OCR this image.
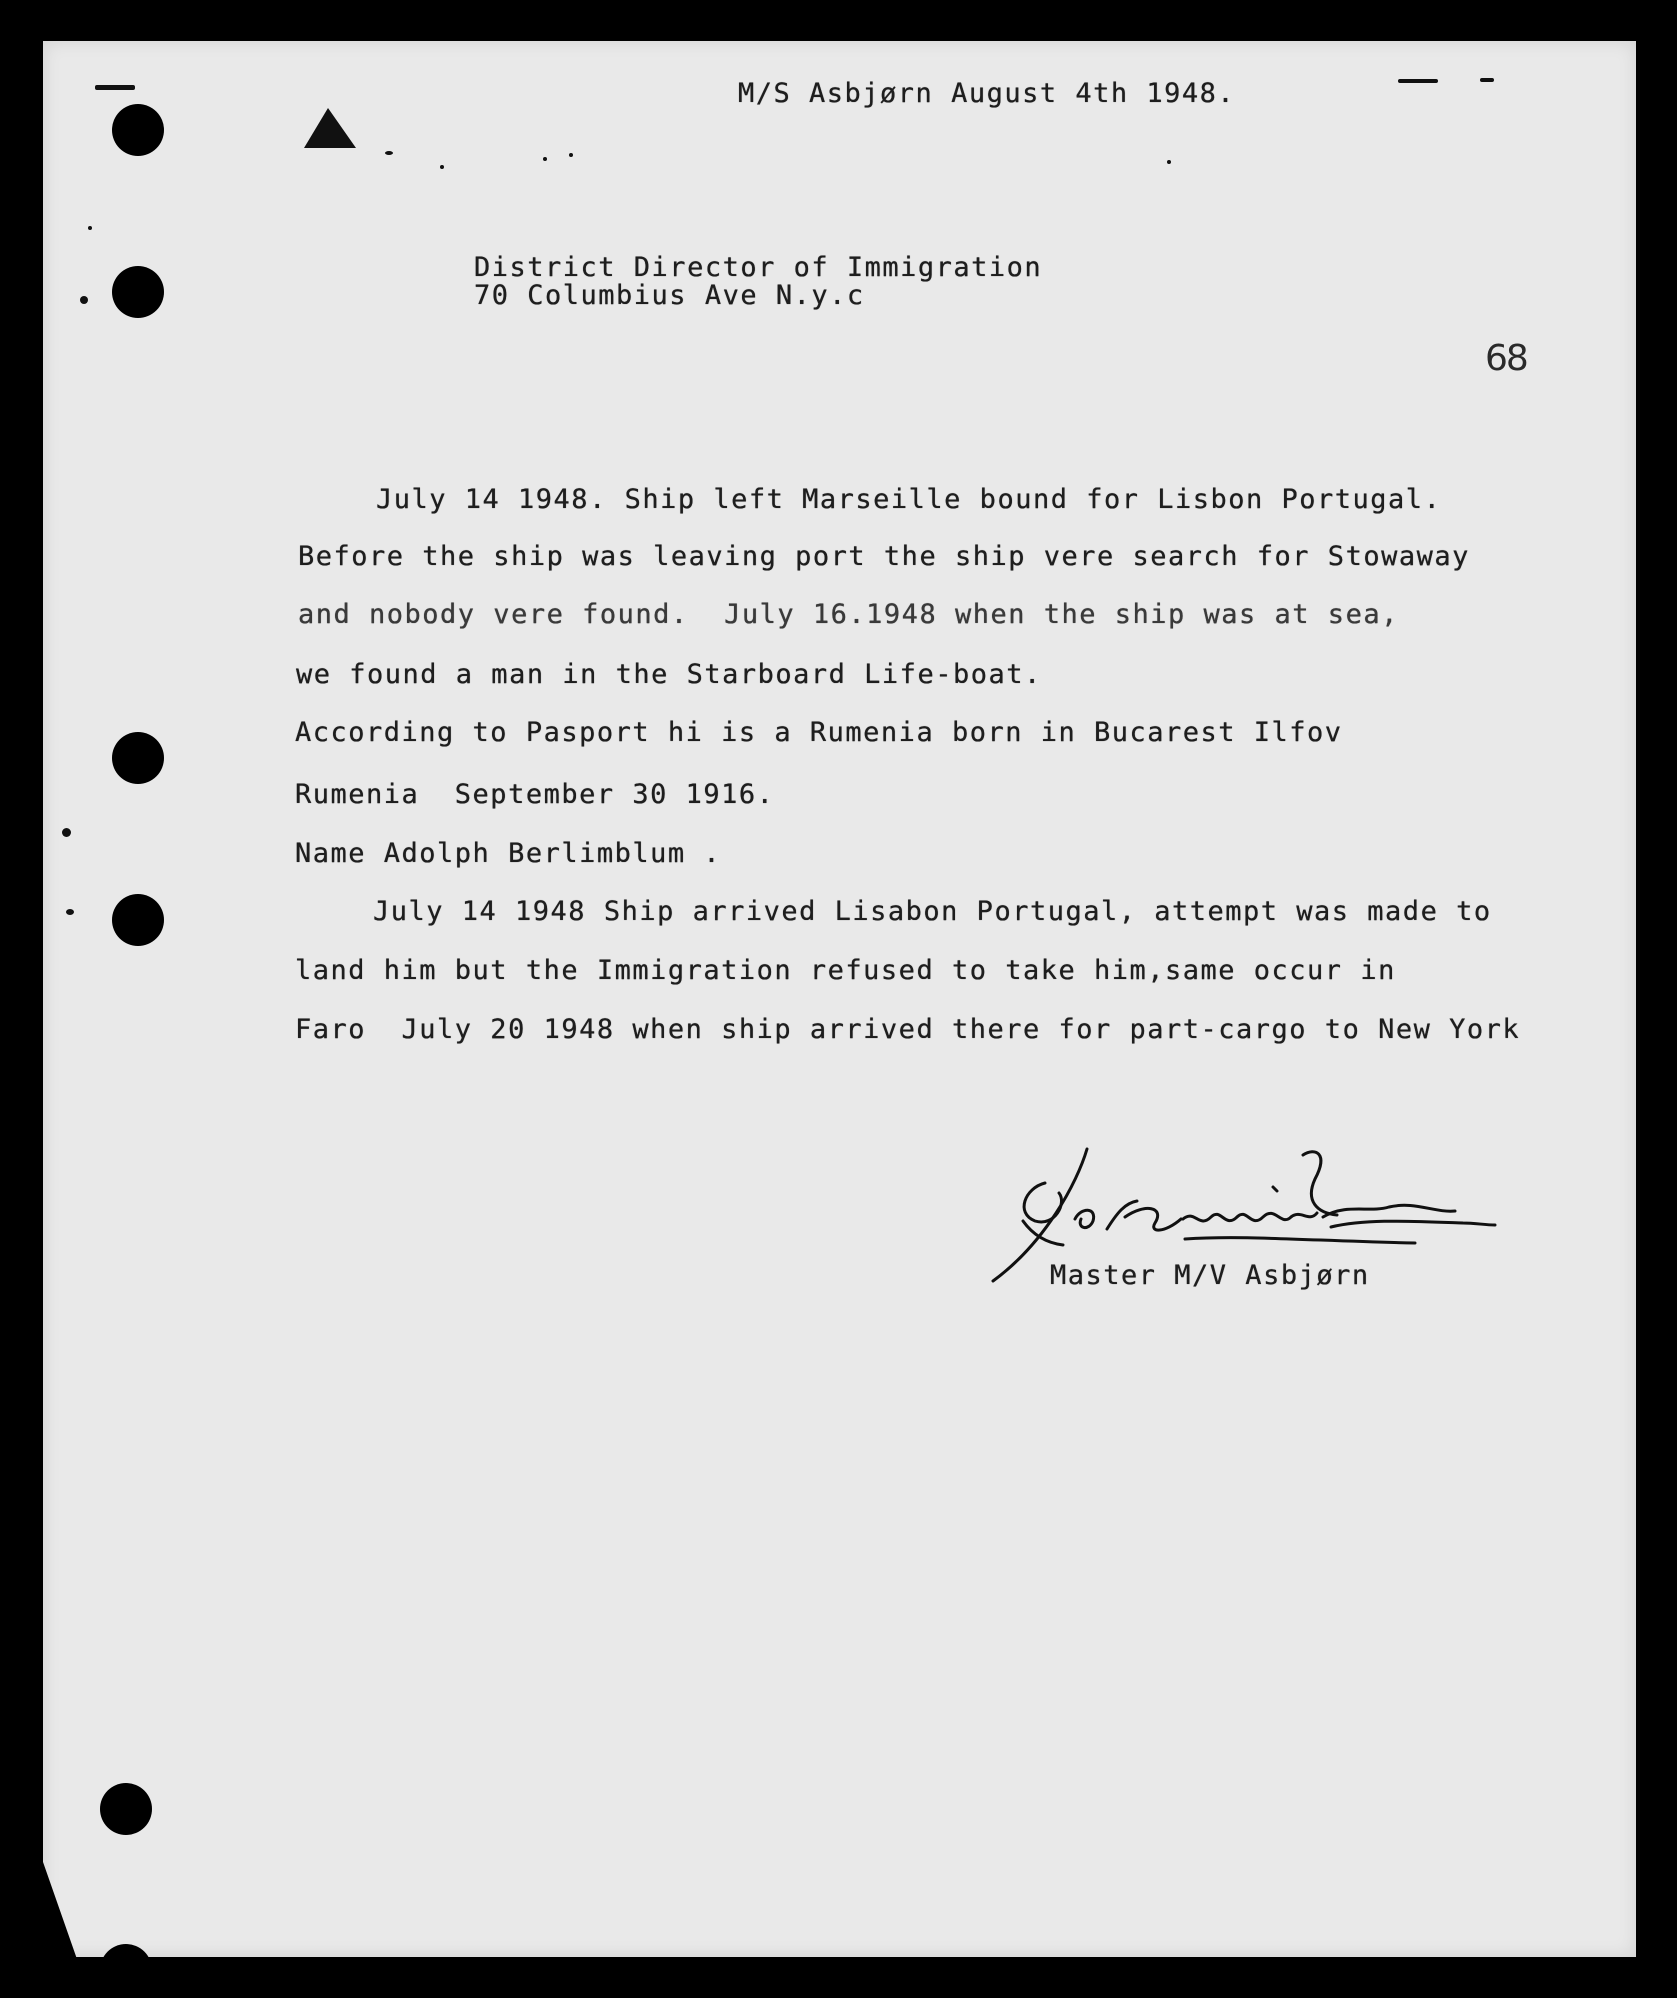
M/S Asbjørn August 4th 1948.
District Director of Immigration
70 Columbius Ave N.y.c
68
July 14 1948. Ship left Marseille bound for Lisbon Portugal.
Before the ship was leaving port the ship vere search for Stowaway
and nobody vere found.  July 16.1948 when the ship was at sea,
we found a man in the Starboard Life-boat.
According to Pasport hi is a Rumenia born in Bucarest Ilfov
Rumenia  September 30 1916.
Name Adolph Berlimblum .
July 14 1948 Ship arrived Lisabon Portugal, attempt was made to
land him but the Immigration refused to take him,same occur in
Faro  July 20 1948 when ship arrived there for part-cargo to New York
Master M/V Asbjørn
